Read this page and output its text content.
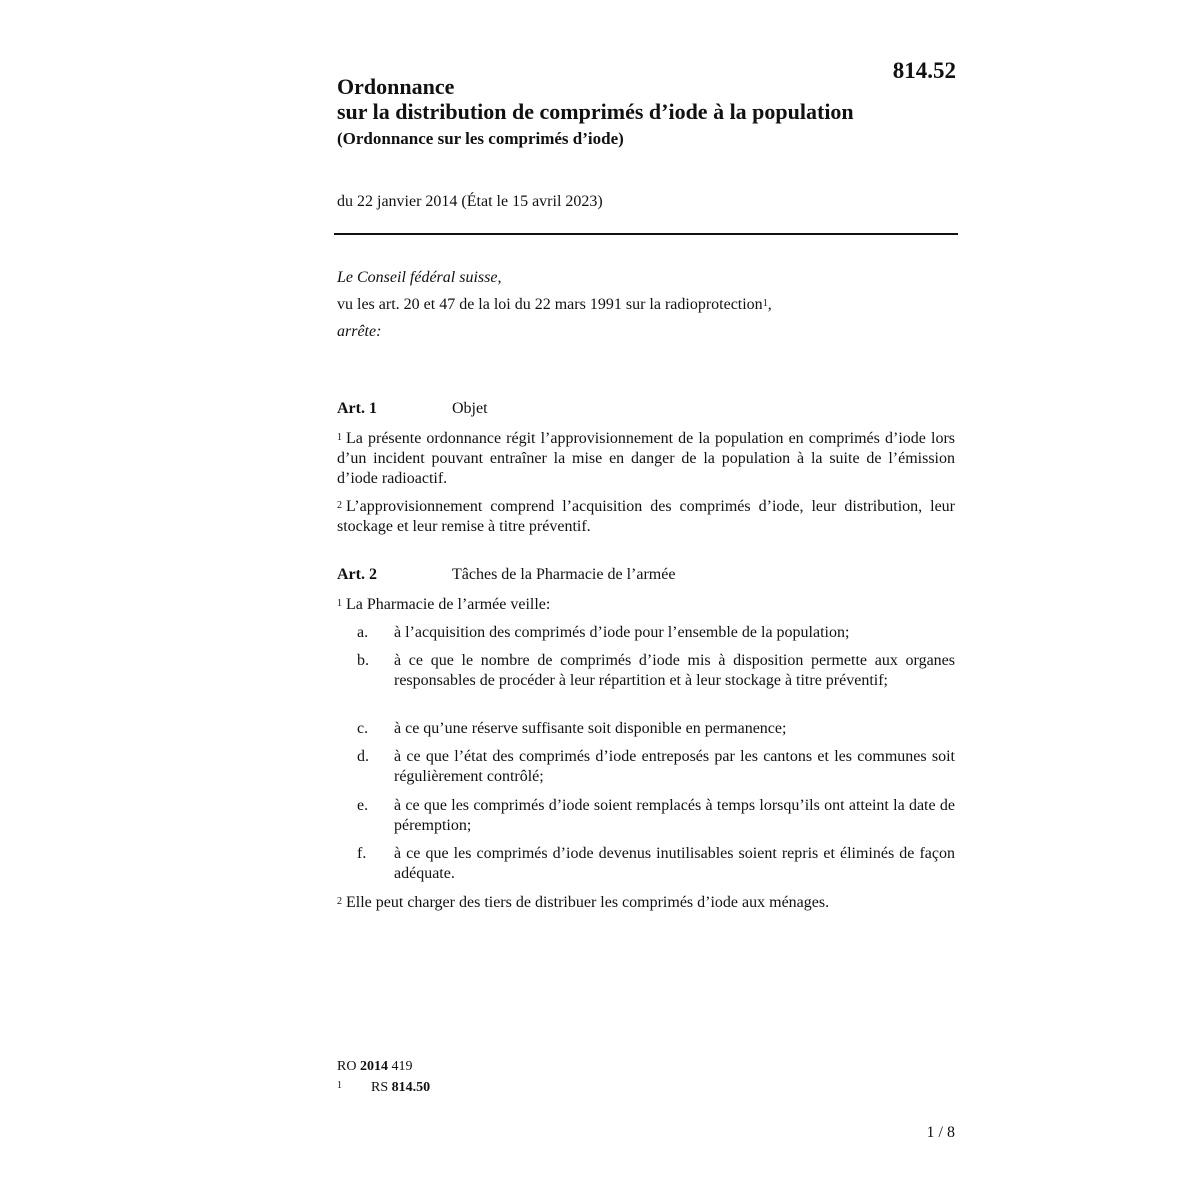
814.52
Ordonnance
sur la distribution de comprimés d’iode à la population
(Ordonnance sur les comprimés d’iode)
du 22 janvier 2014 (État le 15 avril 2023)
Le Conseil fédéral suisse,
vu les art. 20 et 47 de la loi du 22 mars 1991 sur la radioprotection$^1$,
arrête:
Art. 1	Objet
$^1$ La présente ordonnance régit l’approvisionnement de la population en comprimés d’iode lors d’un incident pouvant entraîner la mise en danger de la population à la suite de l’émission d’iode radioactif.
$^2$ L’approvisionnement comprend l’acquisition des comprimés d’iode, leur distribution, leur stockage et leur remise à titre préventif.
Art. 2	Tâches de la Pharmacie de l’armée
$^1$ La Pharmacie de l’armée veille:
a.	à l’acquisition des comprimés d’iode pour l’ensemble de la population;
b.	à ce que le nombre de comprimés d’iode mis à disposition permette aux organes responsables de procéder à leur répartition et à leur stockage à titre préventif;
c.	à ce qu’une réserve suffisante soit disponible en permanence;
d.	à ce que l’état des comprimés d’iode entreposés par les cantons et les communes soit régulièrement contrôlé;
e.	à ce que les comprimés d’iode soient remplacés à temps lorsqu’ils ont atteint la date de péremption;
f.	à ce que les comprimés d’iode devenus inutilisables soient repris et éliminés de façon adéquate.
$^2$ Elle peut charger des tiers de distribuer les comprimés d’iode aux ménages.
RO 2014 419
1 RS 814.50
1 / 8
